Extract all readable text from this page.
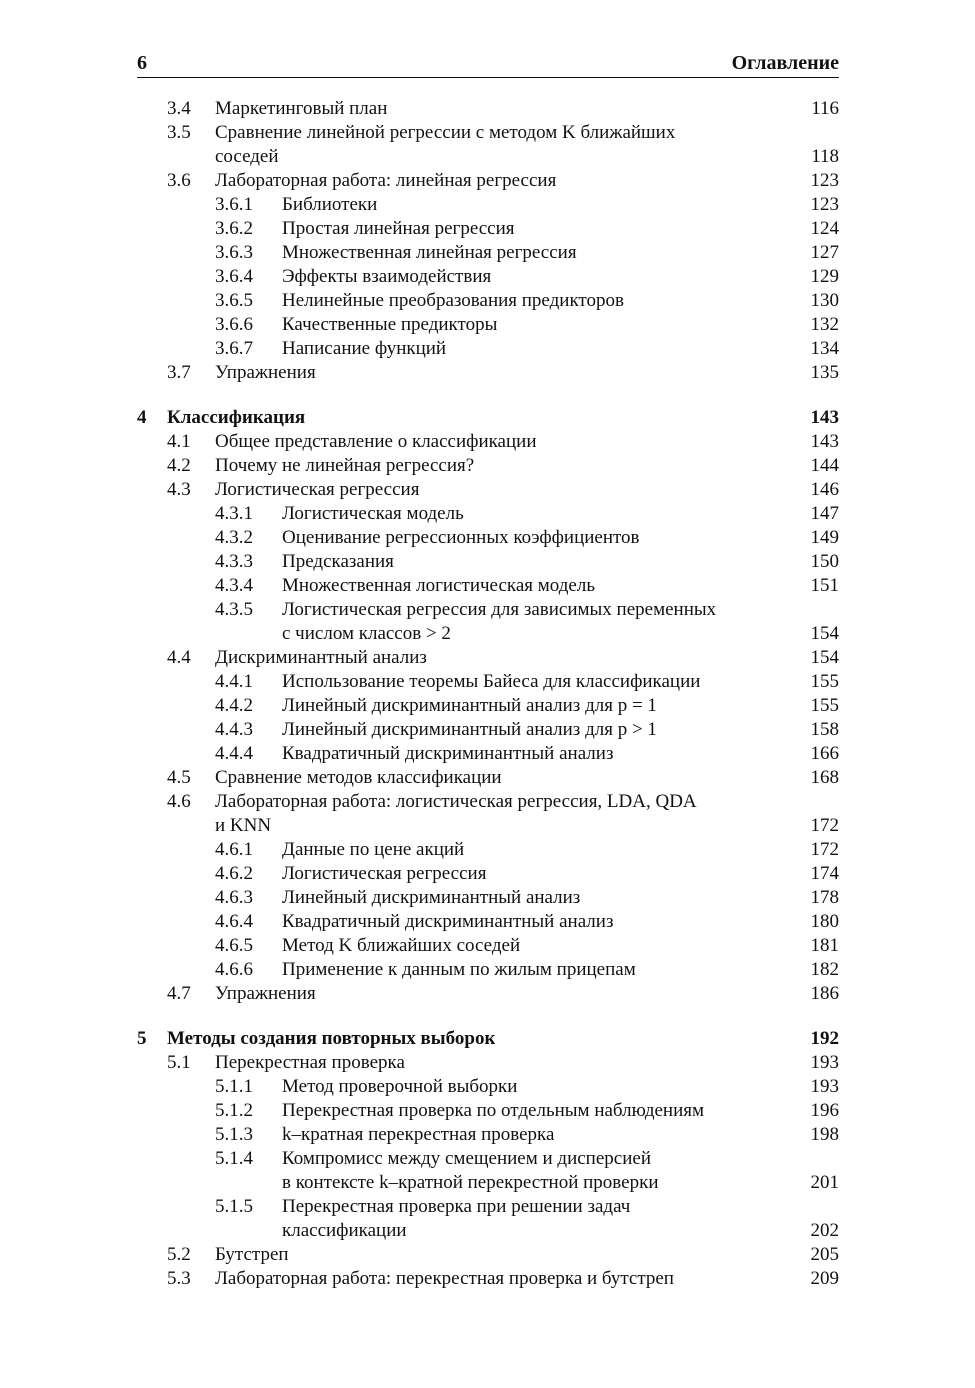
6	Оглавление
3.4 Маркетинговый план	116
3.5 Сравнение линейной регрессии с методом K ближайших
соседей	118
3.6 Лабораторная работа: линейная регрессия	123
3.6.1 Библиотеки	123
3.6.2 Простая линейная регрессия	124
3.6.3 Множественная линейная регрессия	127
3.6.4 Эффекты взаимодействия	129
3.6.5 Нелинейные преобразования предикторов	130
3.6.6 Качественные предикторы	132
3.6.7 Написание функций	134
3.7 Упражнения	135
4 Классификация	143
4.1 Общее представление о классификации	143
4.2 Почему не линейная регрессия?	144
4.3 Логистическая регрессия	146
4.3.1 Логистическая модель	147
4.3.2 Оценивание регрессионных коэффициентов	149
4.3.3 Предсказания	150
4.3.4 Множественная логистическая модель	151
4.3.5 Логистическая регрессия для зависимых переменных
с числом классов > 2	154
4.4 Дискриминантный анализ	154
4.4.1 Использование теоремы Байеса для классификации	155
4.4.2 Линейный дискриминантный анализ для p = 1	155
4.4.3 Линейный дискриминантный анализ для p > 1	158
4.4.4 Квадратичный дискриминантный анализ	166
4.5 Сравнение методов классификации	168
4.6 Лабораторная работа: логистическая регрессия, LDA, QDA
и KNN	172
4.6.1 Данные по цене акций	172
4.6.2 Логистическая регрессия	174
4.6.3 Линейный дискриминантный анализ	178
4.6.4 Квадратичный дискриминантный анализ	180
4.6.5 Метод K ближайших соседей	181
4.6.6 Применение к данным по жилым прицепам	182
4.7 Упражнения	186
5 Методы создания повторных выборок	192
5.1 Перекрестная проверка	193
5.1.1 Метод проверочной выборки	193
5.1.2 Перекрестная проверка по отдельным наблюдениям	196
5.1.3 k–кратная перекрестная проверка	198
5.1.4 Компромисс между смещением и дисперсией
в контексте k–кратной перекрестной проверки	201
5.1.5 Перекрестная проверка при решении задач
классификации	202
5.2 Бутстреп	205
5.3 Лабораторная работа: перекрестная проверка и бутстреп	209
